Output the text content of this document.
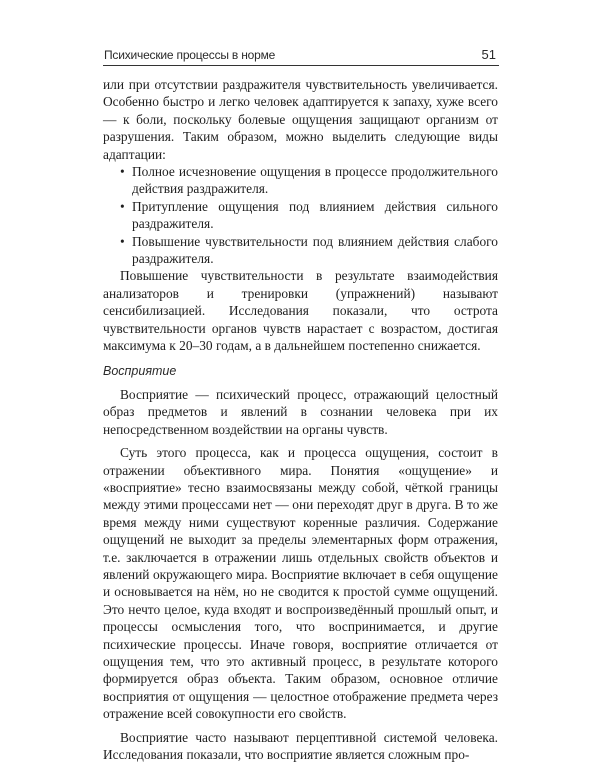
Психические процессы в норме	51

или при отсутствии раздражителя чувствительность увеличивается. Особенно быстро и легко человек адаптируется к запаху, хуже всего — к боли, поскольку болевые ощущения защищают организм от разрушения. Таким образом, можно выделить следующие виды адаптации:

• Полное исчезновение ощущения в процессе продолжительного действия раздражителя.
• Притупление ощущения под влиянием действия сильного раздражителя.
• Повышение чувствительности под влиянием действия слабого раздражителя.

Повышение чувствительности в результате взаимодействия анализаторов и тренировки (упражнений) называют сенсибилизацией. Исследования показали, что острота чувствительности органов чувств нарастает с возрастом, достигая максимума к 20–30 годам, а в дальнейшем постепенно снижается.

Восприятие

Восприятие — психический процесс, отражающий целостный образ предметов и явлений в сознании человека при их непосредственном воздействии на органы чувств.

Суть этого процесса, как и процесса ощущения, состоит в отражении объективного мира. Понятия «ощущение» и «восприятие» тесно взаимосвязаны между собой, чёткой границы между этими процессами нет — они переходят друг в друга. В то же время между ними существуют коренные различия. Содержание ощущений не выходит за пределы элементарных форм отражения, т.е. заключается в отражении лишь отдельных свойств объектов и явлений окружающего мира. Восприятие включает в себя ощущение и основывается на нём, но не сводится к простой сумме ощущений. Это нечто целое, куда входят и воспроизведённый прошлый опыт, и процессы осмысления того, что воспринимается, и другие психические процессы. Иначе говоря, восприятие отличается от ощущения тем, что это активный процесс, в результате которого формируется образ объекта. Таким образом, основное отличие восприятия от ощущения — целостное отображение предмета через отражение всей совокупности его свойств.

Восприятие часто называют перцептивной системой человека. Исследования показали, что восприятие является сложным про-
